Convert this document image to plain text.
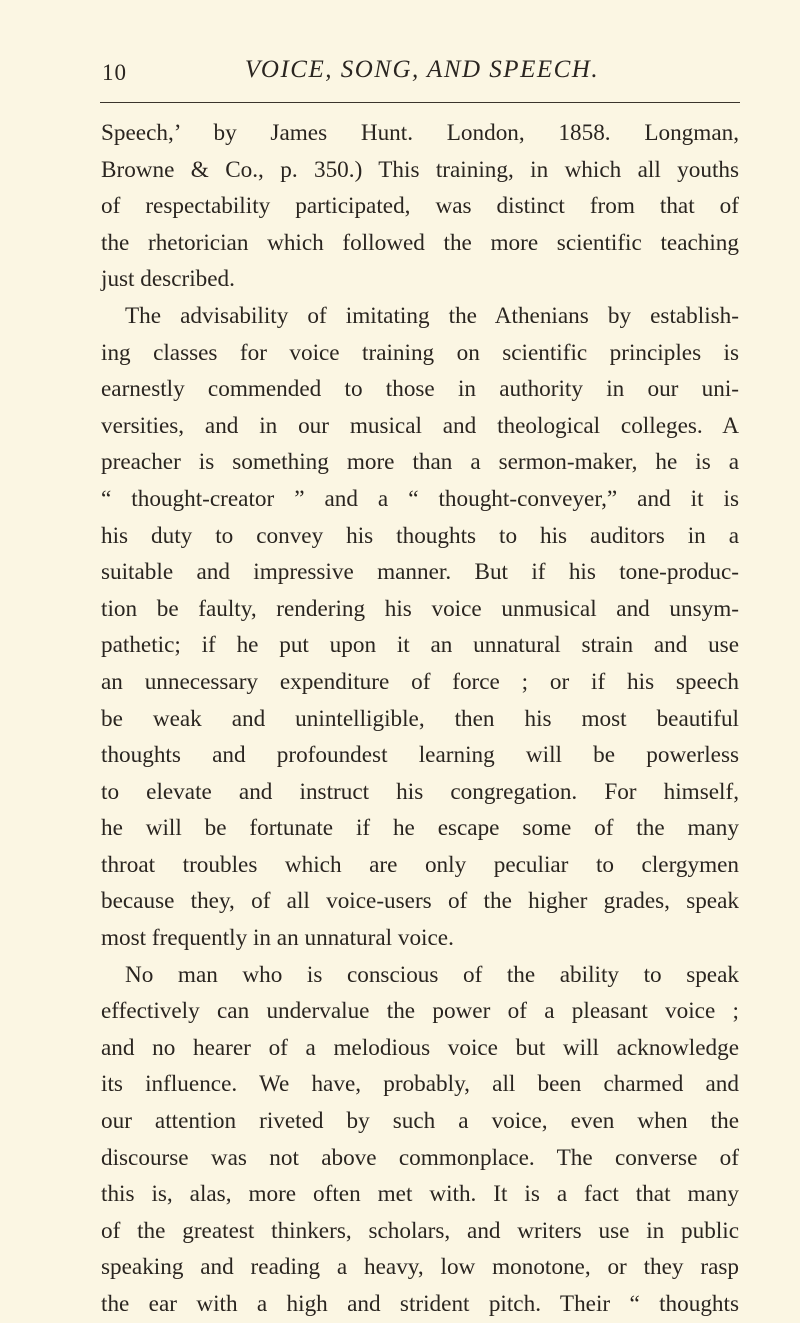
10	VOICE, SONG, AND SPEECH.
Speech,’ by James Hunt. London, 1858. Longman,
Browne & Co., p. 350.) This training, in which all youths
of respectability participated, was distinct from that of
the rhetorician which followed the more scientific teaching
just described.
The advisability of imitating the Athenians by establish-
ing classes for voice training on scientific principles is
earnestly commended to those in authority in our uni-
versities, and in our musical and theological colleges. A
preacher is something more than a sermon-maker, he is a
“ thought-creator ” and a “ thought-conveyer,” and it is
his duty to convey his thoughts to his auditors in a
suitable and impressive manner. But if his tone-produc-
tion be faulty, rendering his voice unmusical and unsym-
pathetic; if he put upon it an unnatural strain and use
an unnecessary expenditure of force ; or if his speech
be weak and unintelligible, then his most beautiful
thoughts and profoundest learning will be powerless
to elevate and instruct his congregation. For himself,
he will be fortunate if he escape some of the many
throat troubles which are only peculiar to clergymen
because they, of all voice-users of the higher grades, speak
most frequently in an unnatural voice.
No man who is conscious of the ability to speak
effectively can undervalue the power of a pleasant voice ;
and no hearer of a melodious voice but will acknowledge
its influence. We have, probably, all been charmed and
our attention riveted by such a voice, even when the
discourse was not above commonplace. The converse of
this is, alas, more often met with. It is a fact that many
of the greatest thinkers, scholars, and writers use in public
speaking and reading a heavy, low monotone, or they rasp
the ear with a high and strident pitch. Their “ thoughts
